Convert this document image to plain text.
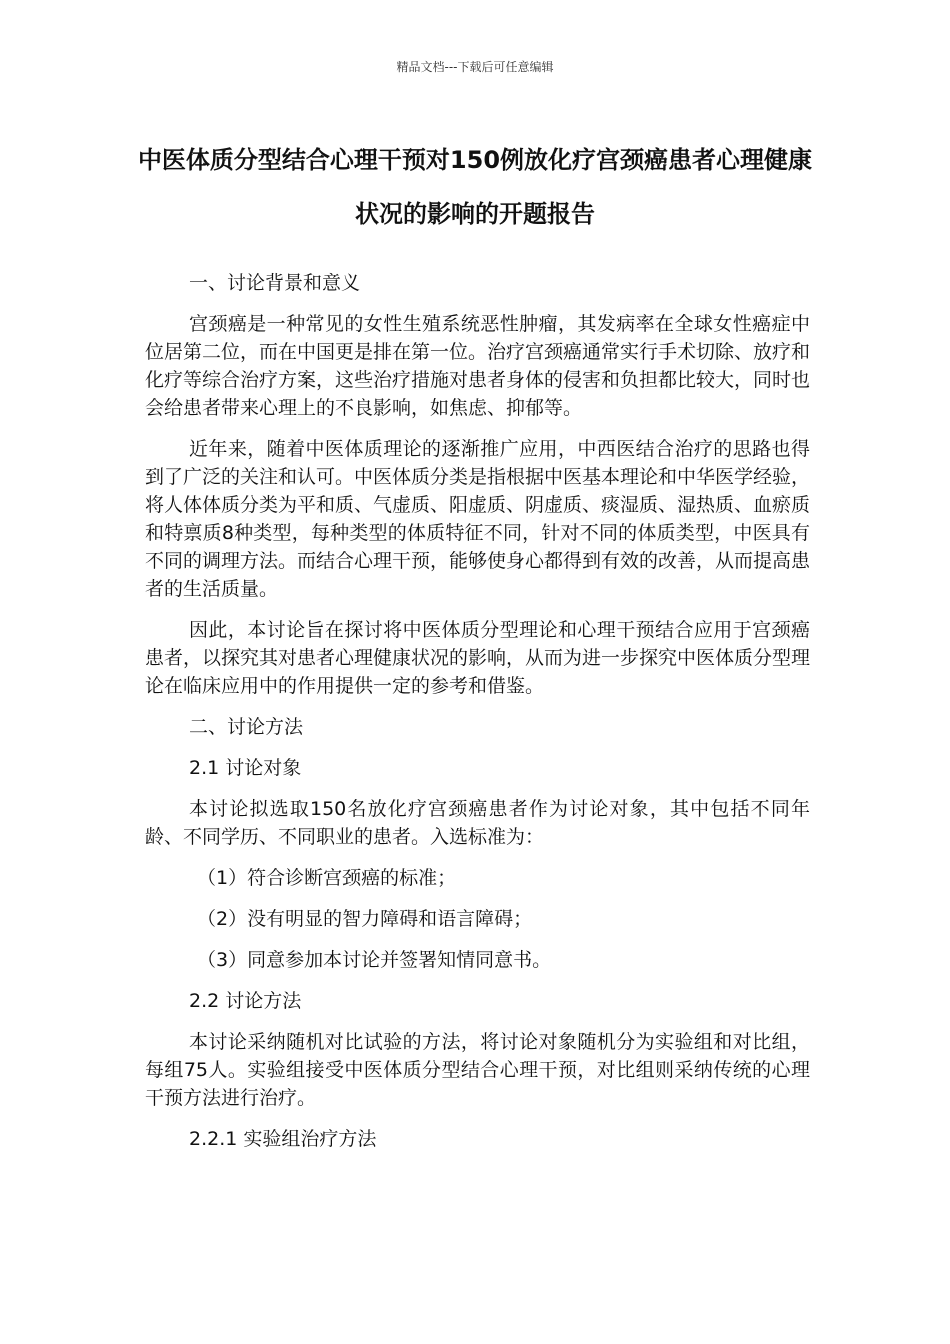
精品文档---下载后可任意编辑
中医体质分型结合心理干预对150例放化疗宫颈癌患者心理健康状况的影响的开题报告

一、讨论背景和意义

宫颈癌是一种常见的女性生殖系统恶性肿瘤，其发病率在全球女性癌症中位居第二位，而在中国更是排在第一位。治疗宫颈癌通常实行手术切除、放疗和化疗等综合治疗方案，这些治疗措施对患者身体的侵害和负担都比较大，同时也会给患者带来心理上的不良影响，如焦虑、抑郁等。

近年来，随着中医体质理论的逐渐推广应用，中西医结合治疗的思路也得到了广泛的关注和认可。中医体质分类是指根据中医基本理论和中华医学经验，将人体体质分类为平和质、气虚质、阳虚质、阴虚质、痰湿质、湿热质、血瘀质和特禀质8种类型，每种类型的体质特征不同，针对不同的体质类型，中医具有不同的调理方法。而结合心理干预，能够使身心都得到有效的改善，从而提高患者的生活质量。

因此，本讨论旨在探讨将中医体质分型理论和心理干预结合应用于宫颈癌患者，以探究其对患者心理健康状况的影响，从而为进一步探究中医体质分型理论在临床应用中的作用提供一定的参考和借鉴。

二、讨论方法

2.1 讨论对象

本讨论拟选取150名放化疗宫颈癌患者作为讨论对象，其中包括不同年龄、不同学历、不同职业的患者。入选标准为：

（1）符合诊断宫颈癌的标准；

（2）没有明显的智力障碍和语言障碍；

（3）同意参加本讨论并签署知情同意书。

2.2 讨论方法

本讨论采纳随机对比试验的方法，将讨论对象随机分为实验组和对比组，每组75人。实验组接受中医体质分型结合心理干预，对比组则采纳传统的心理干预方法进行治疗。

2.2.1 实验组治疗方法
